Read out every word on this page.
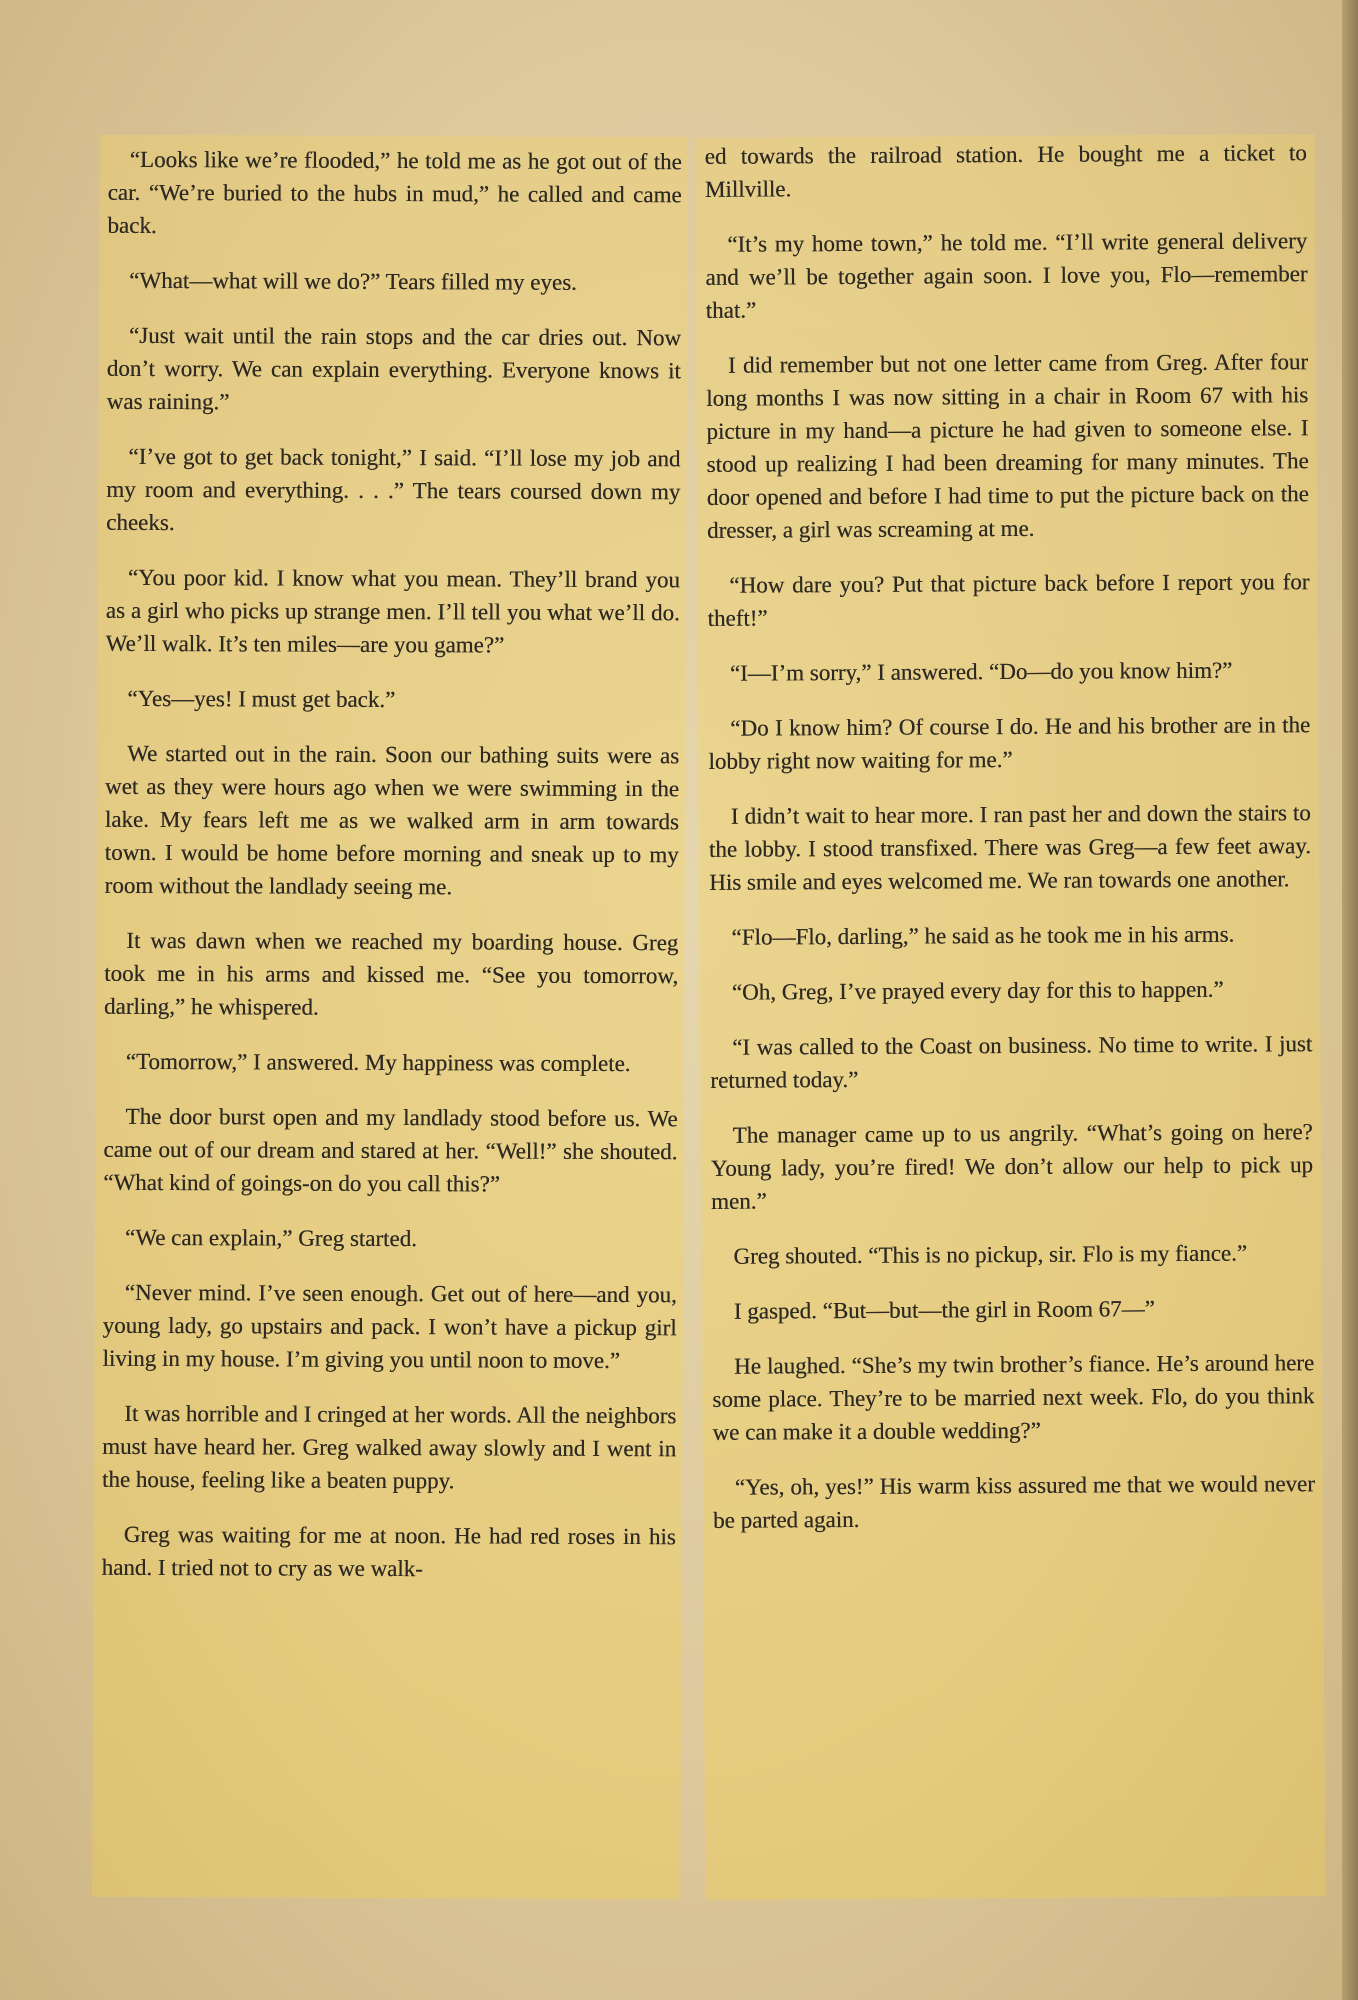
“Looks like we’re flooded,” he told me as he got out of the car. “We’re buried to the hubs in mud,” he called and came back.

“What—what will we do?” Tears filled my eyes.

“Just wait until the rain stops and the car dries out. Now don’t worry. We can explain everything. Everyone knows it was raining.”

“I’ve got to get back tonight,” I said. “I’ll lose my job and my room and everything. . . .” The tears coursed down my cheeks.

“You poor kid. I know what you mean. They’ll brand you as a girl who picks up strange men. I’ll tell you what we’ll do. We’ll walk. It’s ten miles—are you game?”

“Yes—yes! I must get back.”

We started out in the rain. Soon our bathing suits were as wet as they were hours ago when we were swimming in the lake. My fears left me as we walked arm in arm towards town. I would be home before morning and sneak up to my room without the landlady seeing me.

It was dawn when we reached my boarding house. Greg took me in his arms and kissed me. “See you tomorrow, darling,” he whispered.

“Tomorrow,” I answered. My happiness was complete.

The door burst open and my landlady stood before us. We came out of our dream and stared at her. “Well!” she shouted. “What kind of goings-on do you call this?”

“We can explain,” Greg started.

“Never mind. I’ve seen enough. Get out of here—and you, young lady, go upstairs and pack. I won’t have a pickup girl living in my house. I’m giving you until noon to move.”

It was horrible and I cringed at her words. All the neighbors must have heard her. Greg walked away slowly and I went in the house, feeling like a beaten puppy.

Greg was waiting for me at noon. He had red roses in his hand. I tried not to cry as we walk-

ed towards the railroad station. He bought me a ticket to Millville.

“It’s my home town,” he told me. “I’ll write general delivery and we’ll be together again soon. I love you, Flo—remember that.”

I did remember but not one letter came from Greg. After four long months I was now sitting in a chair in Room 67 with his picture in my hand—a picture he had given to someone else. I stood up realizing I had been dreaming for many minutes. The door opened and before I had time to put the picture back on the dresser, a girl was screaming at me.

“How dare you? Put that picture back before I report you for theft!”

“I—I’m sorry,” I answered. “Do—do you know him?”

“Do I know him? Of course I do. He and his brother are in the lobby right now waiting for me.”

I didn’t wait to hear more. I ran past her and down the stairs to the lobby. I stood transfixed. There was Greg—a few feet away. His smile and eyes welcomed me. We ran towards one another.

“Flo—Flo, darling,” he said as he took me in his arms.

“Oh, Greg, I’ve prayed every day for this to happen.”

“I was called to the Coast on business. No time to write. I just returned today.”

The manager came up to us angrily. “What’s going on here? Young lady, you’re fired! We don’t allow our help to pick up men.”

Greg shouted. “This is no pickup, sir. Flo is my fiance.”

I gasped. “But—but—the girl in Room 67—”

He laughed. “She’s my twin brother’s fiance. He’s around here some place. They’re to be married next week. Flo, do you think we can make it a double wedding?”

“Yes, oh, yes!” His warm kiss assured me that we would never be parted again.
